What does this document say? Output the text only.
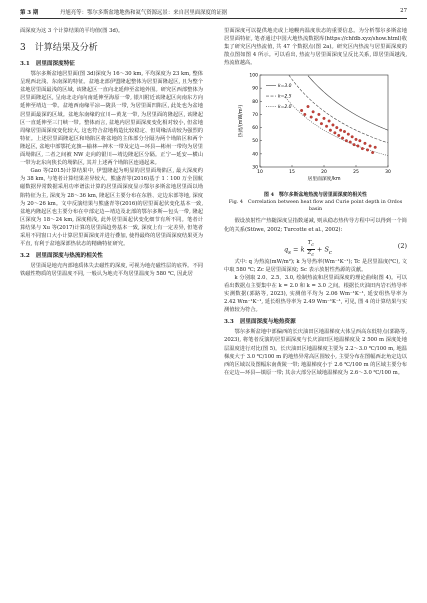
第 3 期	丹旭亮等：鄂尔多斯盆地地热和氦气资源远景：来自居里面深度的证据	27

面深度为这 3 个计算结果的平均值(图 3d)。

3 计算结果及分析
3.1 居里面深度特征

鄂尔多斯盆地居里面(图 3d)深度为 16～30 km, 平均深度为 23 km, 整体呈现西北浅、东南深的特征。盆地北部伊盟隆起整体为居里面隆起区, 且为整个盆地居里面最浅的区域, 该隆起区一直向北延伸至盆地外围。研究区西部整体为居里面隆起区, 呈南北走向向南延伸至海原一带, 银川附近该隆起区向南东方向延伸至靖边一带。盆地西南缘平凉—陇县一带, 为居里面凹陷区, 此处也为盆地居里面最深的区域。盆地东南缘的宜川—黄龙一带, 为居里面的隆起区, 该隆起区一直延伸至三门峡一带。整体而言, 盆地内居里面深度变化相对较小, 但盆地周缘居里面深度变化较大, 这也符合盆地构造比较稳定、但周缘活动较为强烈的特征。上述居里面隆起区和坳陷区将盆地的主体部分分隔为两个坳陷区和两个隆起区, 盆地中部鄂托克旗—榆林—神木一带及定边—环县—彬州一带均为居里面坳陷区, 二者之间被 NW 走向的银川—靖边隆起区分隔。正宁—延安—横山一带为北东向狭长的坳陷区, 其并上述两个坳陷区连通起来。

Gao 等(2015)计算结果中, 伊盟隆起为明显的居里面坳陷区, 最大深度约为 38 km, 与笔者计算结果差异较大。熊盛青等(2016)基于 1∶100 万全国航磁数据异常数据采用功率谱法计算的居里面深度显示鄂尔多斯盆地居里面以坳陷特征为主, 深度为 28～36 km, 隆起区主要分布在东胜、定边东部等地, 深度为 20～26 km。文中反演结果与熊盛青等(2016)的居里面起伏变化基本一致, 盆地内隆起区也主要分布在中部定边—靖边及北部的鄂尔多斯—包头一带, 隆起区深度为 18～24 km, 深度稍浅, 此外居里面起伏变化细节有所不同。笔者计算结果与 Xu 等(2017)计算的居里面趋势基本一致, 深度上有一定差异, 但笔者采用不同窗口大小计算居里面深度并进行叠加, 使得最终的居里面深度结果更为平直, 有利于盆地深部热状态的精确特征研究。

3.2 居里面深度与热流的相关性

居里面是地壳内部地质体失去磁性的深度, 可视为地壳磁性层的底界。不同铁磁性物质的居里温度不同, 一般认为地壳平均居里温度为 580 ℃, 因此居

里面深度可以提供地壳或上地幔内温度状态的重要信息。为分析鄂尔多斯盆地居里面特征, 笔者通过中国大地热流数据库(https://chfdb.xyz/show.html)收集了研究区内热流值, 共 47 个数据点(图 2a)。研究区内热流与居里面深度的散点图如图 4 所示。可以看出, 热流与居里面深度呈反比关系, 即居里面越浅, 热流值越高。

10	15	20	25	30
30
40
50
60
70
80
90
100
居里面深度/km
热流/(mW/m²)
k=3.0
k=2.5
k=2.0
图 4　鄂尔多斯盆地热流与居里面深度的相关性
Fig. 4　Correlation between heat flow and Curie point depth in Ordos basin

假设放射性产热随深度呈指数递减, 则从稳态热传导方程中可以得到一个简化的关系(Stüwe, 2002; Turcotte et al., 2002):

$q_s = k \frac{T_c}{Z_c} + S_c$
(2)

式中: q 为热流(mW/m²); k 为导热率(Wm⁻¹K⁻¹); Tc 是居里温度(℃), 文中取 580 ℃; Zc 是居里面深度; Sc 表示放射性热源的贡献。

k 分别取 2.0、2.5、3.0, 绘制热流和居里面深度的理论曲线(图 4)。可以看出数据点主要集中在 k = 2.0 和 k = 3.0 之间。根据长庆油田内岩石热导率实测数据(郭路等, 2023), 实测值平均为 2.06 Wm⁻¹K⁻¹, 延安组热导率为 2.42 Wm⁻¹K⁻¹, 延长组热导率为 2.49 Wm⁻¹K⁻¹, 可见, 图 4 的计算结果与实测值较为符合。

3.3 居里面深度与地热资源

鄂尔多斯盆地中部偏西的长庆油田区地温梯度大体呈西高东低特点(郭路等, 2023), 将笔者反演的居里面深度与长庆油田区地温梯度及 2 500 m 深度处地层温度进行对比(图 5)。长庆油田区地温梯度主要为 2.2～3.0 ℃/100 m, 地温梯度大于 3.0 ℃/100 m 的地热异常高区围较小, 主要分布在图幅西北角定边以西的区域以及图幅东南黄陵一带; 地温梯度小于 2.6 ℃/100 m 的区域主要分布在定边—环县—镇原一带; 其余大部分区域地温梯度为 2.6～3.0 ℃/100 m。
